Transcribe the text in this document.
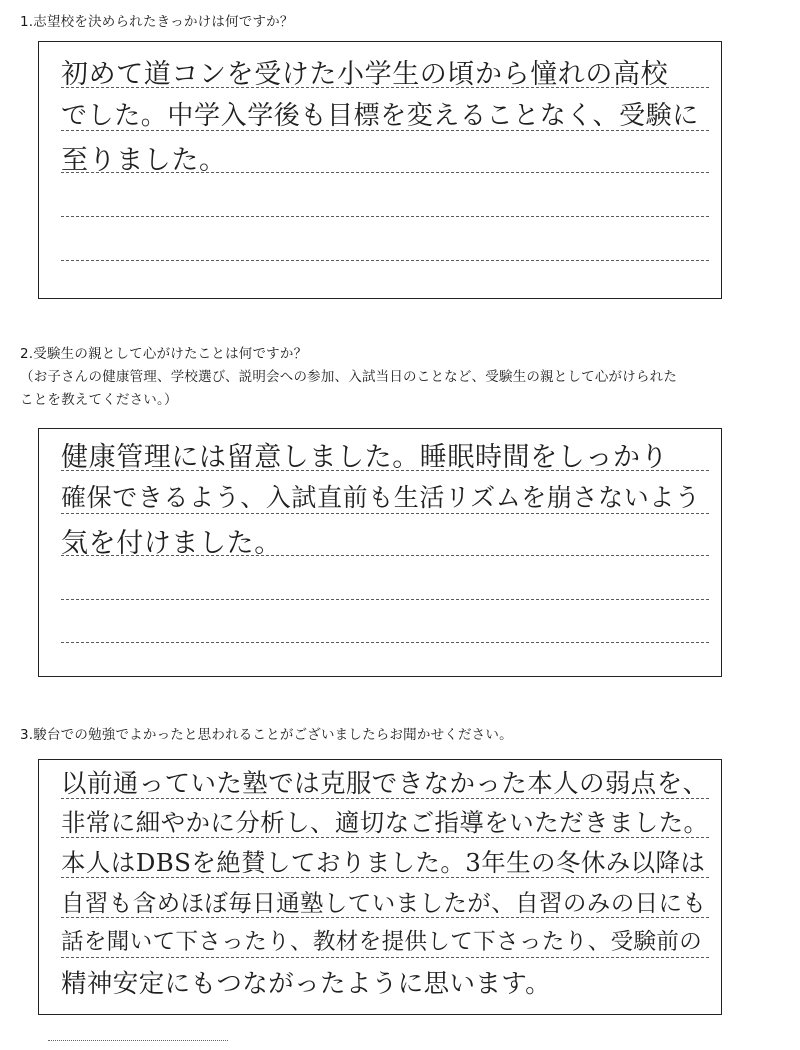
1.志望校を決められたきっかけは何ですか？

初めて道コンを受けた小学生の頃から憧れの高校

でした。中学入学後も目標を変えることなく、受験に

至りました。

2.受験生の親として心がけたことは何ですか？
（お子さんの健康管理、学校選び、説明会への参加、入試当日のことなど、受験生の親として心がけられた
ことを教えてください。）

健康管理には留意しました。睡眠時間をしっかり

確保できるよう、入試直前も生活リズムを崩さないよう

気を付けました。

3.駿台での勉強でよかったと思われることがございましたらお聞かせください。

以前通っていた塾では克服できなかった本人の弱点を、

非常に細やかに分析し、適切なご指導をいただきました。

本人はDBSを絶賛しておりました。3年生の冬休み以降は

自習も含めほぼ毎日通塾していましたが、自習のみの日にも

話を聞いて下さったり、教材を提供して下さったり、受験前の

精神安定にもつながったように思います。
